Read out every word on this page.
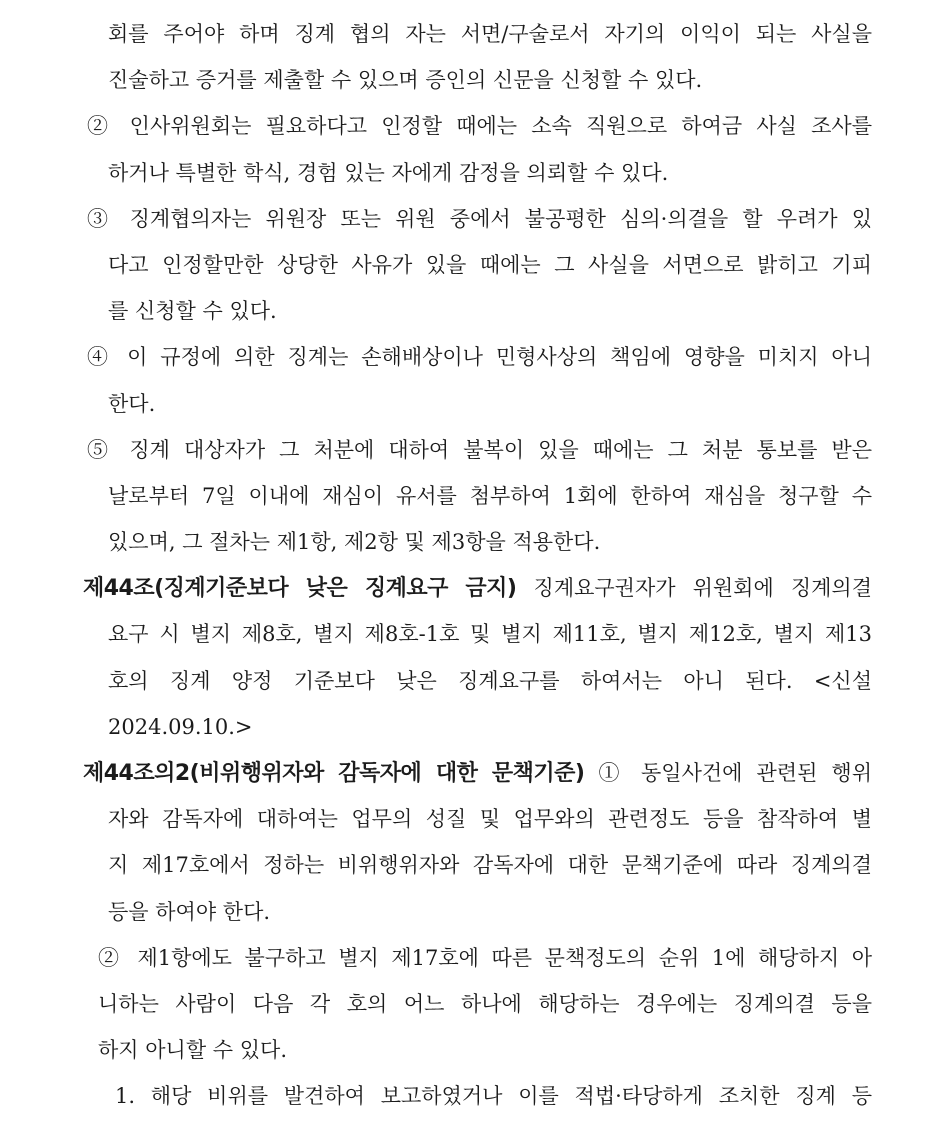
회를 주어야 하며 징계 협의 자는 서면/구술로서 자기의 이익이 되는 사실을
진술하고 증거를 제출할 수 있으며 증인의 신문을 신청할 수 있다.
② 인사위원회는 필요하다고 인정할 때에는 소속 직원으로 하여금 사실 조사를
하거나 특별한 학식, 경험 있는 자에게 감정을 의뢰할 수 있다.
③ 징계협의자는 위원장 또는 위원 중에서 불공평한 심의·의결을 할 우려가 있
다고 인정할만한 상당한 사유가 있을 때에는 그 사실을 서면으로 밝히고 기피
를 신청할 수 있다.
④ 이 규정에 의한 징계는 손해배상이나 민형사상의 책임에 영향을 미치지 아니
한다.
⑤ 징계 대상자가 그 처분에 대하여 불복이 있을 때에는 그 처분 통보를 받은
날로부터 7일 이내에 재심이 유서를 첨부하여 1회에 한하여 재심을 청구할 수
있으며, 그 절차는 제1항, 제2항 및 제3항을 적용한다.
제44조(징계기준보다 낮은 징계요구 금지) 징계요구권자가 위원회에 징계의결
요구 시 별지 제8호, 별지 제8호-1호 및 별지 제11호, 별지 제12호, 별지 제13
호의 징계 양정 기준보다 낮은 징계요구를 하여서는 아니 된다. <신설
2024.09.10.>
제44조의2(비위행위자와 감독자에 대한 문책기준) ① 동일사건에 관련된 행위
자와 감독자에 대하여는 업무의 성질 및 업무와의 관련정도 등을 참작하여 별
지 제17호에서 정하는 비위행위자와 감독자에 대한 문책기준에 따라 징계의결
등을 하여야 한다.
② 제1항에도 불구하고 별지 제17호에 따른 문책정도의 순위 1에 해당하지 아
니하는 사람이 다음 각 호의 어느 하나에 해당하는 경우에는 징계의결 등을
하지 아니할 수 있다.
1. 해당 비위를 발견하여 보고하였거나 이를 적법·타당하게 조치한 징계 등
